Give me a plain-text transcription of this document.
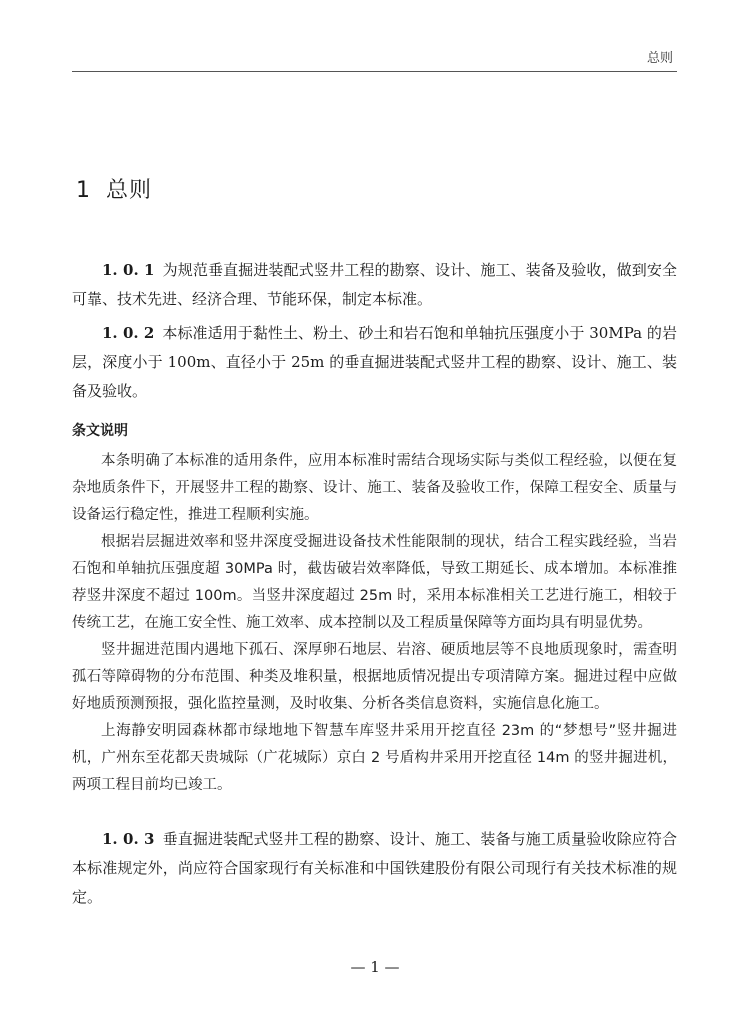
总则
1 总则
1. 0. 1 为规范垂直掘进装配式竖井工程的勘察、设计、施工、装备及验收，做到安全可靠、技术先进、经济合理、节能环保，制定本标准。
1. 0. 2 本标准适用于黏性土、粉土、砂土和岩石饱和单轴抗压强度小于 30MPa 的岩层，深度小于 100m、直径小于 25m 的垂直掘进装配式竖井工程的勘察、设计、施工、装备及验收。
条文说明

本条明确了本标准的适用条件，应用本标准时需结合现场实际与类似工程经验，以便在复杂地质条件下，开展竖井工程的勘察、设计、施工、装备及验收工作，保障工程安全、质量与设备运行稳定性，推进工程顺利实施。

根据岩层掘进效率和竖井深度受掘进设备技术性能限制的现状，结合工程实践经验，当岩石饱和单轴抗压强度超 30MPa 时，截齿破岩效率降低，导致工期延长、成本增加。本标准推荐竖井深度不超过 100m。当竖井深度超过 25m 时，采用本标准相关工艺进行施工，相较于传统工艺，在施工安全性、施工效率、成本控制以及工程质量保障等方面均具有明显优势。

竖井掘进范围内遇地下孤石、深厚卵石地层、岩溶、硬质地层等不良地质现象时，需查明孤石等障碍物的分布范围、种类及堆积量，根据地质情况提出专项清障方案。掘进过程中应做好地质预测预报，强化监控量测，及时收集、分析各类信息资料，实施信息化施工。

上海静安明园森林都市绿地地下智慧车库竖井采用开挖直径 23m 的“梦想号”竖井掘进机，广州东至花都天贵城际（广花城际）京白 2 号盾构井采用开挖直径 14m 的竖井掘进机，两项工程目前均已竣工。

1. 0. 3 垂直掘进装配式竖井工程的勘察、设计、施工、装备与施工质量验收除应符合本标准规定外，尚应符合国家现行有关标准和中国铁建股份有限公司现行有关技术标准的规定。
— 1 —
